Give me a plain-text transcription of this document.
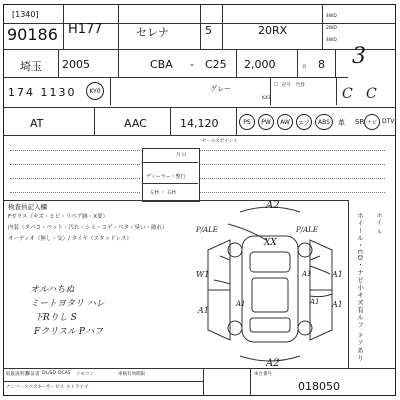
[1340]
90186 H17 7	セレナ	5	20RX
4WD
2WD
4WD
埼玉 2005	CBA - C25 2,000	名 8 3
174 1130	KY0	グレー
K43
□ 記号 色替
C C
AT	AAC	14,120	PS	PW	AW	エア	ABS	革 SR ナビ DTV
セールスポイント
月 日
ディーラー・整行
左H ・ 右H
検査員記入欄
Fガラス（キズ・ヒビ・リペア跡・X要）
内装（タバコ・ペット・汚れ・シミ・コゲ・ベタ・臭い・破れ）
オーディオ（無し・交）/ タイヤ（スタッドレス）
オルハちぬ
ミートヨタリ ハレ
下Rりし S
Fクリスル Pハフ
A2
A2
XX
P/ALE	P/ALE
W1
A1
A1
A1
A1
A1
A1	ホイール・CD・ナビ小キズ有ルフ ドアあり ホイ ル
取扱説明書
保証書 DL/SD DCAS リモコン	車検有効期限
ナンバー スペアキー サービス ストライプ
車台番号
018050
